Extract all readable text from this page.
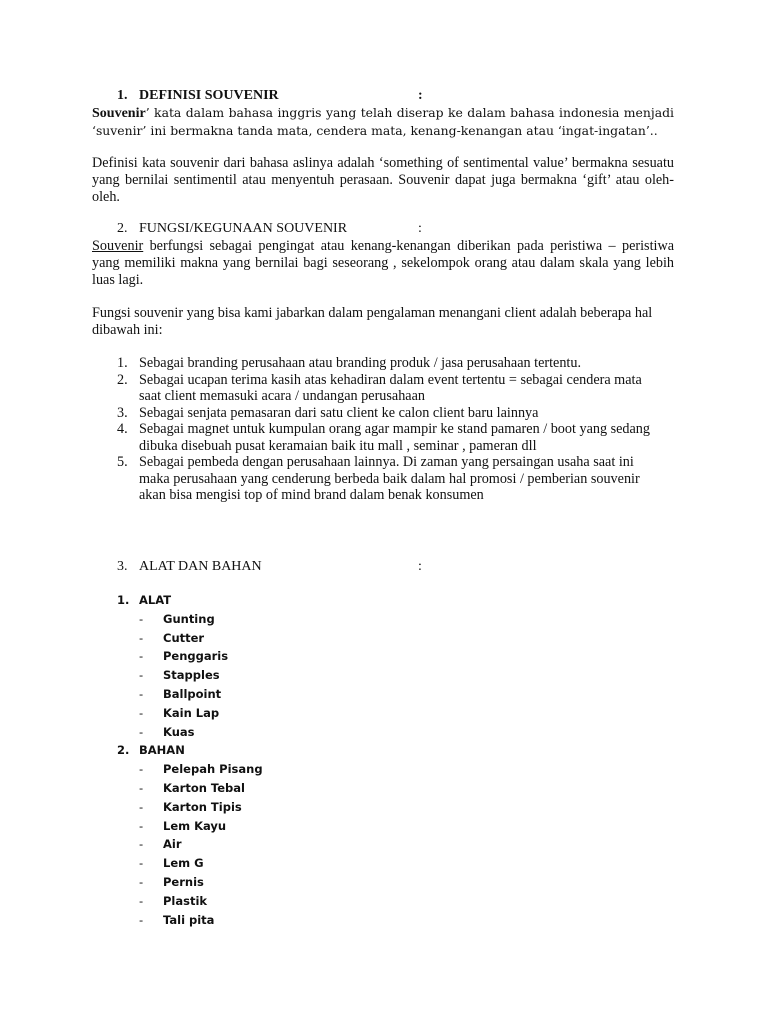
1. DEFINISI SOUVENIR	:

Souvenir’ kata dalam bahasa inggris yang telah diserap ke dalam bahasa indonesia menjadi ‘suvenir’ ini bermakna tanda mata, cendera mata, kenang-kenangan atau ‘ingat-ingatan’..

Definisi kata souvenir dari bahasa aslinya adalah ‘something of sentimental value’ bermakna sesuatu yang bernilai sentimentil atau menyentuh perasaan. Souvenir dapat juga bermakna ‘gift’ atau oleh-oleh.

2. FUNGSI/KEGUNAAN SOUVENIR	:

Souvenir berfungsi sebagai pengingat atau kenang-kenangan diberikan pada peristiwa – peristiwa yang memiliki makna yang bernilai bagi seseorang , sekelompok orang atau dalam skala yang lebih luas lagi.

Fungsi souvenir yang bisa kami jabarkan dalam pengalaman menangani client adalah beberapa hal dibawah ini:

1. Sebagai branding perusahaan atau branding produk / jasa perusahaan tertentu.
2. Sebagai ucapan terima kasih atas kehadiran dalam event tertentu = sebagai cendera mata saat client memasuki acara / undangan perusahaan
3. Sebagai senjata pemasaran dari satu client ke calon client baru lainnya
4. Sebagai magnet untuk kumpulan orang agar mampir ke stand pamaren / boot yang sedang dibuka disebuah pusat keramaian baik itu mall , seminar , pameran dll
5. Sebagai pembeda dengan perusahaan lainnya. Di zaman yang persaingan usaha saat ini maka perusahaan yang cenderung berbeda baik dalam hal promosi / pemberian souvenir akan bisa mengisi top of mind brand dalam benak konsumen
3. ALAT DAN BAHAN	:
1. ALAT
- Gunting
- Cutter
- Penggaris
- Stapples
- Ballpoint
- Kain Lap
- Kuas
2. BAHAN
- Pelepah Pisang
- Karton Tebal
- Karton Tipis
- Lem Kayu
- Air
- Lem G
- Pernis
- Plastik
- Tali pita
